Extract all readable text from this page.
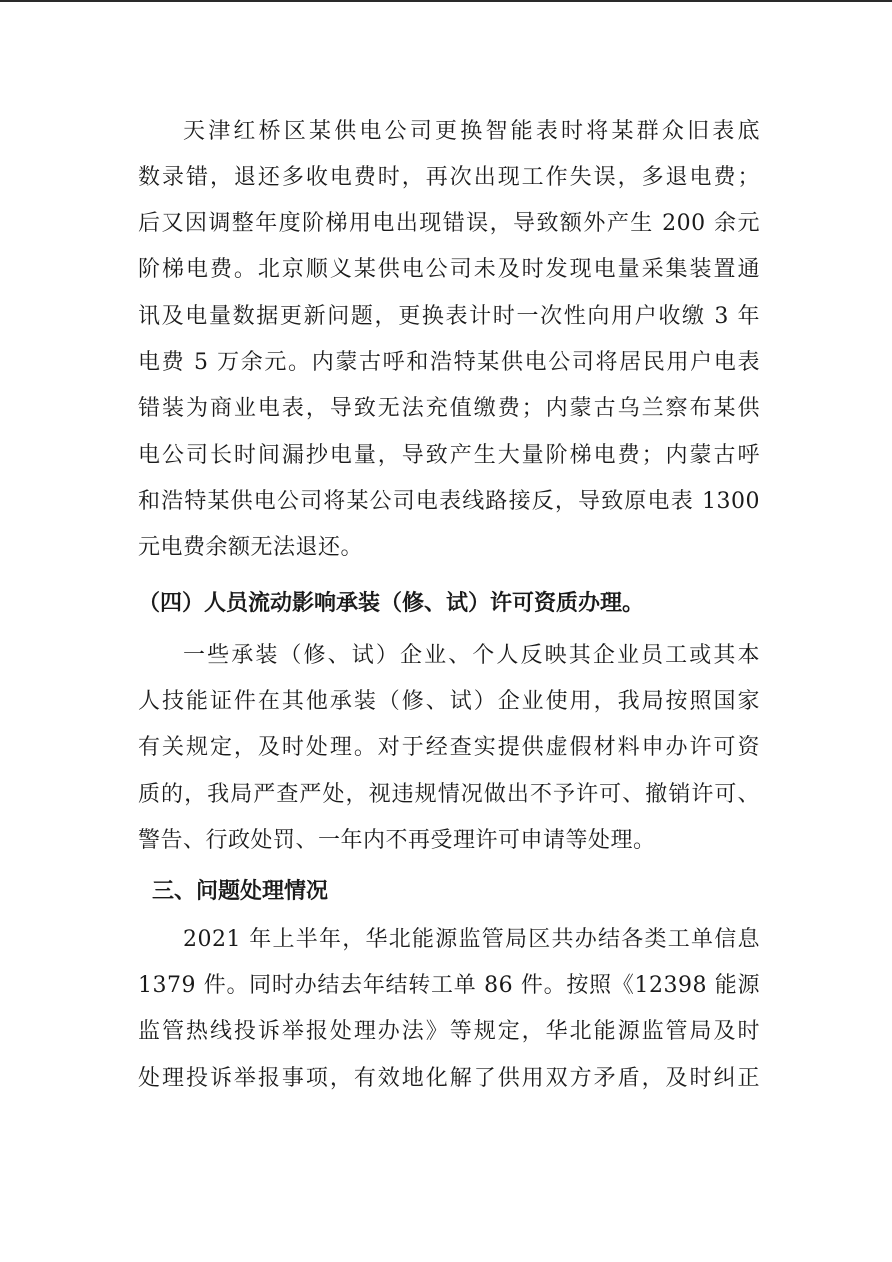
天津红桥区某供电公司更换智能表时将某群众旧表底
数录错，退还多收电费时，再次出现工作失误，多退电费；
后又因调整年度阶梯用电出现错误，导致额外产生 200 余元
阶梯电费。北京顺义某供电公司未及时发现电量采集装置通
讯及电量数据更新问题，更换表计时一次性向用户收缴 3 年
电费 5 万余元。内蒙古呼和浩特某供电公司将居民用户电表
错装为商业电表，导致无法充值缴费；内蒙古乌兰察布某供
电公司长时间漏抄电量，导致产生大量阶梯电费；内蒙古呼
和浩特某供电公司将某公司电表线路接反，导致原电表 1300
元电费余额无法退还。
（四）人员流动影响承装（修、试）许可资质办理。
一些承装（修、试）企业、个人反映其企业员工或其本
人技能证件在其他承装（修、试）企业使用，我局按照国家
有关规定，及时处理。对于经查实提供虚假材料申办许可资
质的，我局严查严处，视违规情况做出不予许可、撤销许可、
警告、行政处罚、一年内不再受理许可申请等处理。
三、问题处理情况
2021 年上半年，华北能源监管局区共办结各类工单信息
1379 件。同时办结去年结转工单 86 件。按照《12398 能源
监管热线投诉举报处理办法》等规定，华北能源监管局及时
处理投诉举报事项，有效地化解了供用双方矛盾，及时纠正
